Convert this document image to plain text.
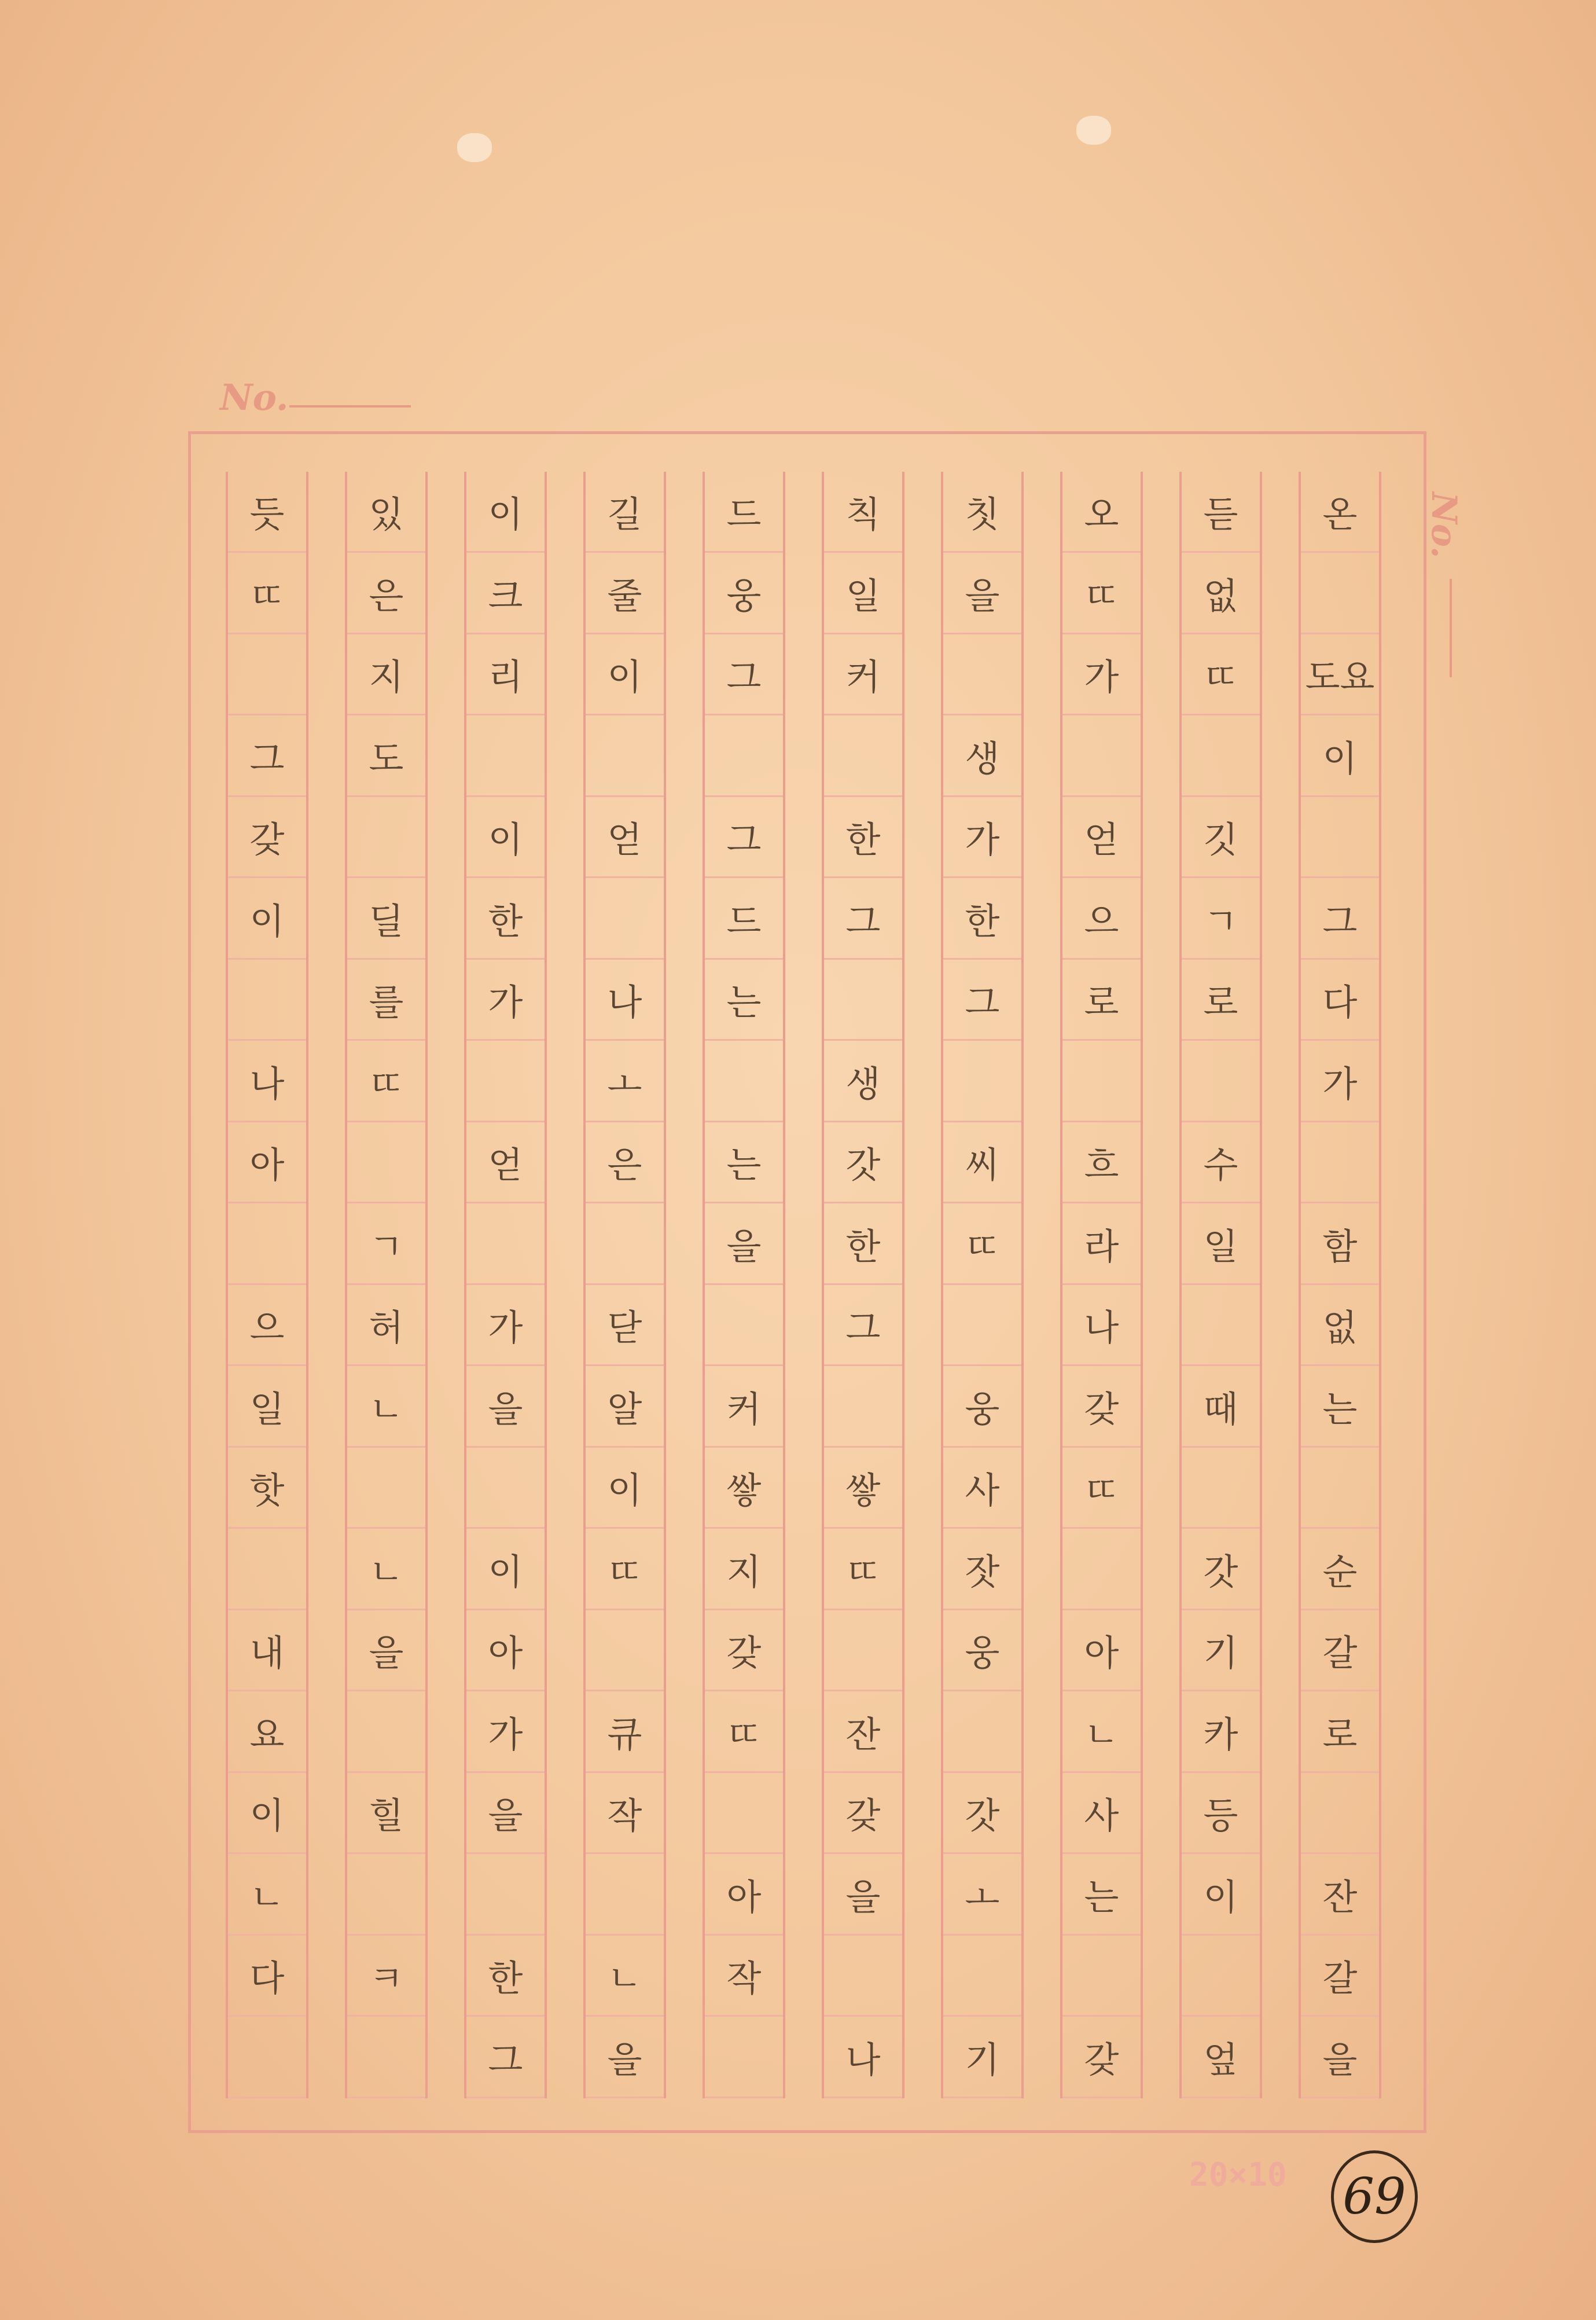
No.
No.
온
도요
이
그
다
가
함
없
는
순
갈
로
잔
갈
을
듣
없
ㄸ
깃
ㄱ
로
수
일
때
갓
기
카
등
이
엎
오
ㄸ
가
얻
으
로
흐
라
나
갖
ㄸ
아
ㄴ
사
는
갖
칫
을
생
가
한
그
씨
ㄸ
웅
사
잣
웅
갓
ㅗ
기
칙
일
커
한
그
생
갓
한
그
쌓
ㄸ
잔
갖
을
나
드
웅
그
그
드
는
는
을
커
쌓
지
갖
ㄸ
아
작
길
줄
이
얻
나
ㅗ
은
닫
알
이
ㄸ
큐
작
ㄴ
을
이
크
리
이
한
가
얻
가
을
이
아
가
을
한
그
있
은
지
도
딜
를
ㄸ
ㄱ
허
ㄴ
ㄴ
을
힐
ㅋ
듯
ㄸ
그
갖
이
나
아
으
일
핫
내
요
이
ㄴ
다
20×10 69
